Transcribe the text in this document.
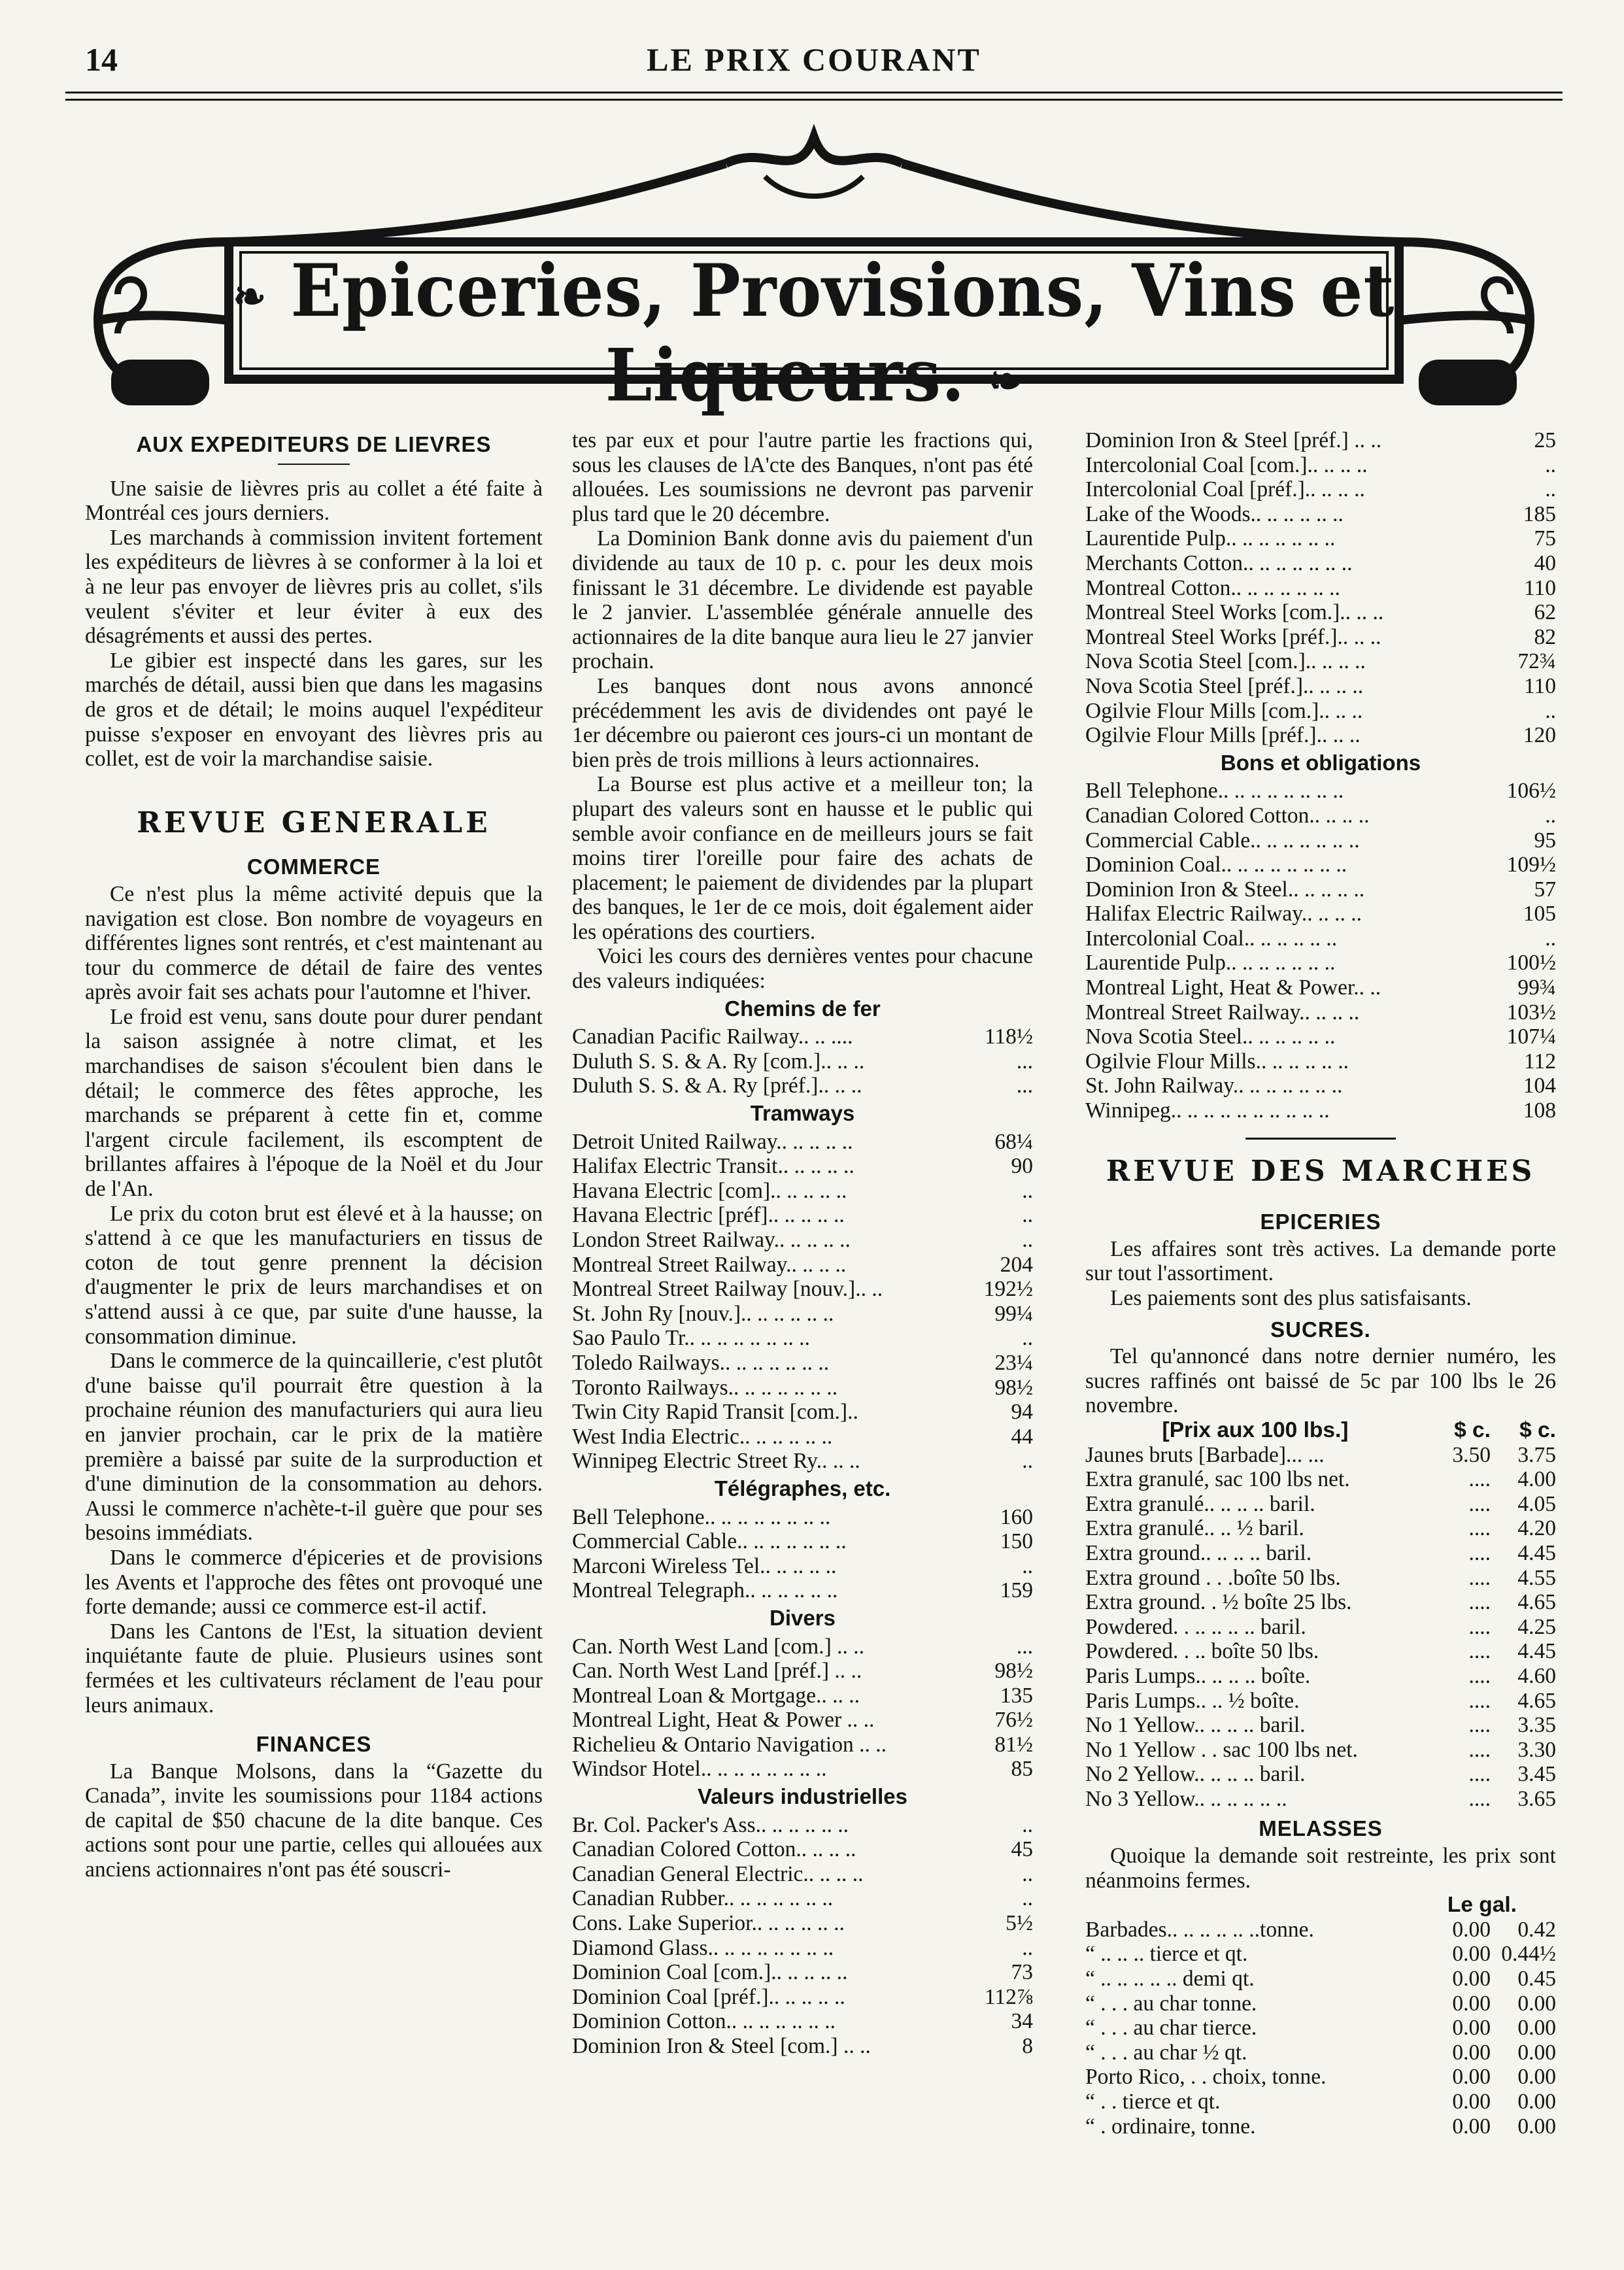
14	LE PRIX COURANT
❧ Epiceries, Provisions, Vins et Liqueurs. ❧
AUX EXPEDITEURS DE LIEVRES

Une saisie de lièvres pris au collet a été faite à Montréal ces jours derniers.

Les marchands à commission invitent fortement les expéditeurs de lièvres à se conformer à la loi et à ne leur pas envoyer de lièvres pris au collet, s'ils veulent s'éviter et leur éviter à eux des désagréments et aussi des pertes.

Le gibier est inspecté dans les gares, sur les marchés de détail, aussi bien que dans les magasins de gros et de détail; le moins auquel l'expéditeur puisse s'exposer en envoyant des lièvres pris au collet, est de voir la marchandise saisie.

REVUE GENERALE
COMMERCE

Ce n'est plus la même activité depuis que la navigation est close. Bon nombre de voyageurs en différentes lignes sont rentrés, et c'est maintenant au tour du commerce de détail de faire des ventes après avoir fait ses achats pour l'automne et l'hiver.

Le froid est venu, sans doute pour durer pendant la saison assignée à notre climat, et les marchandises de saison s'écoulent bien dans le détail; le commerce des fêtes approche, les marchands se préparent à cette fin et, comme l'argent circule facilement, ils escomptent de brillantes affaires à l'époque de la Noël et du Jour de l'An.

Le prix du coton brut est élevé et à la hausse; on s'attend à ce que les manufacturiers en tissus de coton de tout genre prennent la décision d'augmenter le prix de leurs marchandises et on s'attend aussi à ce que, par suite d'une hausse, la consommation diminue.

Dans le commerce de la quincaillerie, c'est plutôt d'une baisse qu'il pourrait être question à la prochaine réunion des manufacturiers qui aura lieu en janvier prochain, car le prix de la matière première a baissé par suite de la surproduction et d'une diminution de la consommation au dehors. Aussi le commerce n'achète-t-il guère que pour ses besoins immédiats.

Dans le commerce d'épiceries et de provisions les Avents et l'approche des fêtes ont provoqué une forte demande; aussi ce commerce est-il actif.

Dans les Cantons de l'Est, la situation devient inquiétante faute de pluie. Plusieurs usines sont fermées et les cultivateurs réclament de l'eau pour leurs animaux.

FINANCES

La Banque Molsons, dans la “Gazette du Canada”, invite les soumissions pour 1184 actions de capital de $50 chacune de la dite banque. Ces actions sont pour une partie, celles qui allouées aux anciens actionnaires n'ont pas été souscri-

tes par eux et pour l'autre partie les fractions qui, sous les clauses de lA'cte des Banques, n'ont pas été allouées. Les soumissions ne devront pas parvenir plus tard que le 20 décembre.

La Dominion Bank donne avis du paiement d'un dividende au taux de 10 p. c. pour les deux mois finissant le 31 décembre. Le dividende est payable le 2 janvier. L'assemblée générale annuelle des actionnaires de la dite banque aura lieu le 27 janvier prochain.

Les banques dont nous avons annoncé précédemment les avis de dividendes ont payé le 1er décembre ou paieront ces jours-ci un montant de bien près de trois millions à leurs actionnaires.

La Bourse est plus active et a meilleur ton; la plupart des valeurs sont en hausse et le public qui semble avoir confiance en de meilleurs jours se fait moins tirer l'oreille pour faire des achats de placement; le paiement de dividendes par la plupart des banques, le 1er de ce mois, doit également aider les opérations des courtiers.

Voici les cours des dernières ventes pour chacune des valeurs indiquées:

Chemins de fer
Canadian Pacific Railway.. .. ....	118½
Duluth S. S. & A. Ry [com.].. .. ..	...
Duluth S. S. & A. Ry [préf.].. .. ..	...
Tramways
Detroit United Railway.. .. .. .. ..	68¼
Halifax Electric Transit.. .. .. .. ..	90
Havana Electric [com].. .. .. .. ..	..
Havana Electric [préf].. .. .. .. ..	..
London Street Railway.. .. .. .. ..	..
Montreal Street Railway.. .. .. ..	204
Montreal Street Railway [nouv.].. ..	192½
St. John Ry [nouv.].. .. .. .. .. ..	99¼
Sao Paulo Tr.. .. .. .. .. .. .. ..	..
Toledo Railways.. .. .. .. .. .. ..	23¼
Toronto Railways.. .. .. .. .. .. ..	98½
Twin City Rapid Transit [com.]..	94
West India Electric.. .. .. .. .. ..	44
Winnipeg Electric Street Ry.. .. ..	..
Télégraphes, etc.
Bell Telephone.. .. .. .. .. .. .. ..	160
Commercial Cable.. .. .. .. .. .. ..	150
Marconi Wireless Tel.. .. .. .. ..	..
Montreal Telegraph.. .. .. .. .. ..	159
Divers
Can. North West Land [com.] .. ..	...
Can. North West Land [préf.] .. ..	98½
Montreal Loan & Mortgage.. .. ..	135
Montreal Light, Heat & Power .. ..	76½
Richelieu & Ontario Navigation .. ..	81½
Windsor Hotel.. .. .. .. .. .. .. ..	85
Valeurs industrielles
Br. Col. Packer's Ass.. .. .. .. .. ..	..
Canadian Colored Cotton.. .. .. ..	45
Canadian General Electric.. .. .. ..	..
Canadian Rubber.. .. .. .. .. .. ..	..
Cons. Lake Superior.. .. .. .. .. ..	5½
Diamond Glass.. .. .. .. .. .. .. ..	..
Dominion Coal [com.].. .. .. .. ..	73
Dominion Coal [préf.].. .. .. .. ..	112⅞
Dominion Cotton.. .. .. .. .. .. ..	34
Dominion Iron & Steel [com.] .. ..	8
Dominion Iron & Steel [préf.] .. ..	25
Intercolonial Coal [com.].. .. .. ..	..
Intercolonial Coal [préf.].. .. .. ..	..
Lake of the Woods.. .. .. .. .. ..	185
Laurentide Pulp.. .. .. .. .. .. ..	75
Merchants Cotton.. .. .. .. .. .. ..	40
Montreal Cotton.. .. .. .. .. .. ..	110
Montreal Steel Works [com.].. .. ..	62
Montreal Steel Works [préf.].. .. ..	82
Nova Scotia Steel [com.].. .. .. ..	72¾
Nova Scotia Steel [préf.].. .. .. ..	110
Ogilvie Flour Mills [com.].. .. ..	..
Ogilvie Flour Mills [préf.].. .. ..	120
Bons et obligations
Bell Telephone.. .. .. .. .. .. .. ..	106½
Canadian Colored Cotton.. .. .. ..	..
Commercial Cable.. .. .. .. .. .. ..	95
Dominion Coal.. .. .. .. .. .. .. ..	109½
Dominion Iron & Steel.. .. .. .. ..	57
Halifax Electric Railway.. .. .. ..	105
Intercolonial Coal.. .. .. .. .. ..	..
Laurentide Pulp.. .. .. .. .. .. ..	100½
Montreal Light, Heat & Power.. ..	99¾
Montreal Street Railway.. .. .. ..	103½
Nova Scotia Steel.. .. .. .. .. ..	107¼
Ogilvie Flour Mills.. .. .. .. .. ..	112
St. John Railway.. .. .. .. .. .. ..	104
Winnipeg.. .. .. .. .. .. .. .. .. ..	108
REVUE DES MARCHES
EPICERIES

Les affaires sont très actives. La demande porte sur tout l'assortiment.

Les paiements sont des plus satisfaisants.

SUCRES.

Tel qu'annoncé dans notre dernier numéro, les sucres raffinés ont baissé de 5c par 100 lbs le 26 novembre.

[Prix aux 100 lbs.]	$ c.	$ c.
Jaunes bruts [Barbade]... ...	3.50	3.75
Extra granulé, sac 100 lbs net.	....	4.00
Extra granulé.. .. .. .. baril.	....	4.05
Extra granulé.. .. ½ baril.	....	4.20
Extra ground.. .. .. .. baril.	....	4.45
Extra ground . . .boîte 50 lbs.	....	4.55
Extra ground. . ½ boîte 25 lbs.	....	4.65
Powdered. . .. .. .. .. baril.	....	4.25
Powdered. . .. boîte 50 lbs.	....	4.45
Paris Lumps.. .. .. .. boîte.	....	4.60
Paris Lumps.. .. ½ boîte.	....	4.65
No 1 Yellow.. .. .. .. baril.	....	3.35
No 1 Yellow . . sac 100 lbs net.	....	3.30
No 2 Yellow.. .. .. .. baril.	....	3.45
No 3 Yellow.. .. .. .. .. ..	....	3.65
MELASSES

Quoique la demande soit restreinte, les prix sont néanmoins fermes.

Le gal.
Barbades.. .. .. .. .. ..tonne.	0.00	0.42
“ .. .. .. tierce et qt.	0.00 0.44½
“ .. .. .. .. .. demi qt.	0.00	0.45
“ . . . au char tonne.	0.00	0.00
“ . . . au char tierce.	0.00	0.00
“ . . . au char ½ qt.	0.00	0.00
Porto Rico, . . choix, tonne.	0.00	0.00
“ . . tierce et qt.	0.00	0.00
“ . ordinaire, tonne.	0.00	0.00
